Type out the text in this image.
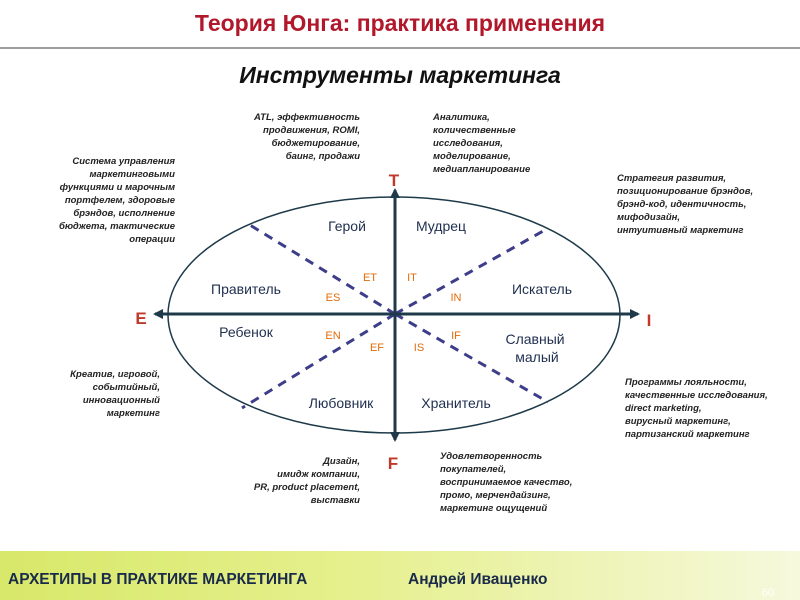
Теория Юнга: практика применения
Инструменты маркетинга
ATL, эффективность
продвижения, ROMI,
бюджетирование,
баинг, продажи
Аналитика,
количественные
исследования,
моделирование,
медиапланирование
Система управления
маркетинговыми
функциями и марочным
портфелем, здоровые
брэндов, исполнение
бюджета, тактические
операции
Стратегия развития,
позиционирование брэндов,
брэнд-код, идентичность,
мифодизайн,
интуитивный маркетинг
Креатив, игровой,
событийный,
инновационный
маркетинг
Программы лояльности,
качественные исследования,
direct marketing,
вирусный маркетинг,
партизанский маркетинг
Дизайн,
имидж компании,
PR, product placement,
выставки
Удовлетворенность
покупателей,
воспринимаемое качество,
промо, мерчендайзинг,
маркетинг ощущений
T
F
E	I
Герой	Мудрец
Правитель	Искатель
Ребенок	Славный малый
Любовник	Хранитель
ET	IT
ES	IN
EN	IF
EF	IS
АРХЕТИПЫ В ПРАКТИКЕ МАРКЕТИНГА	Андрей Иващенко
60
